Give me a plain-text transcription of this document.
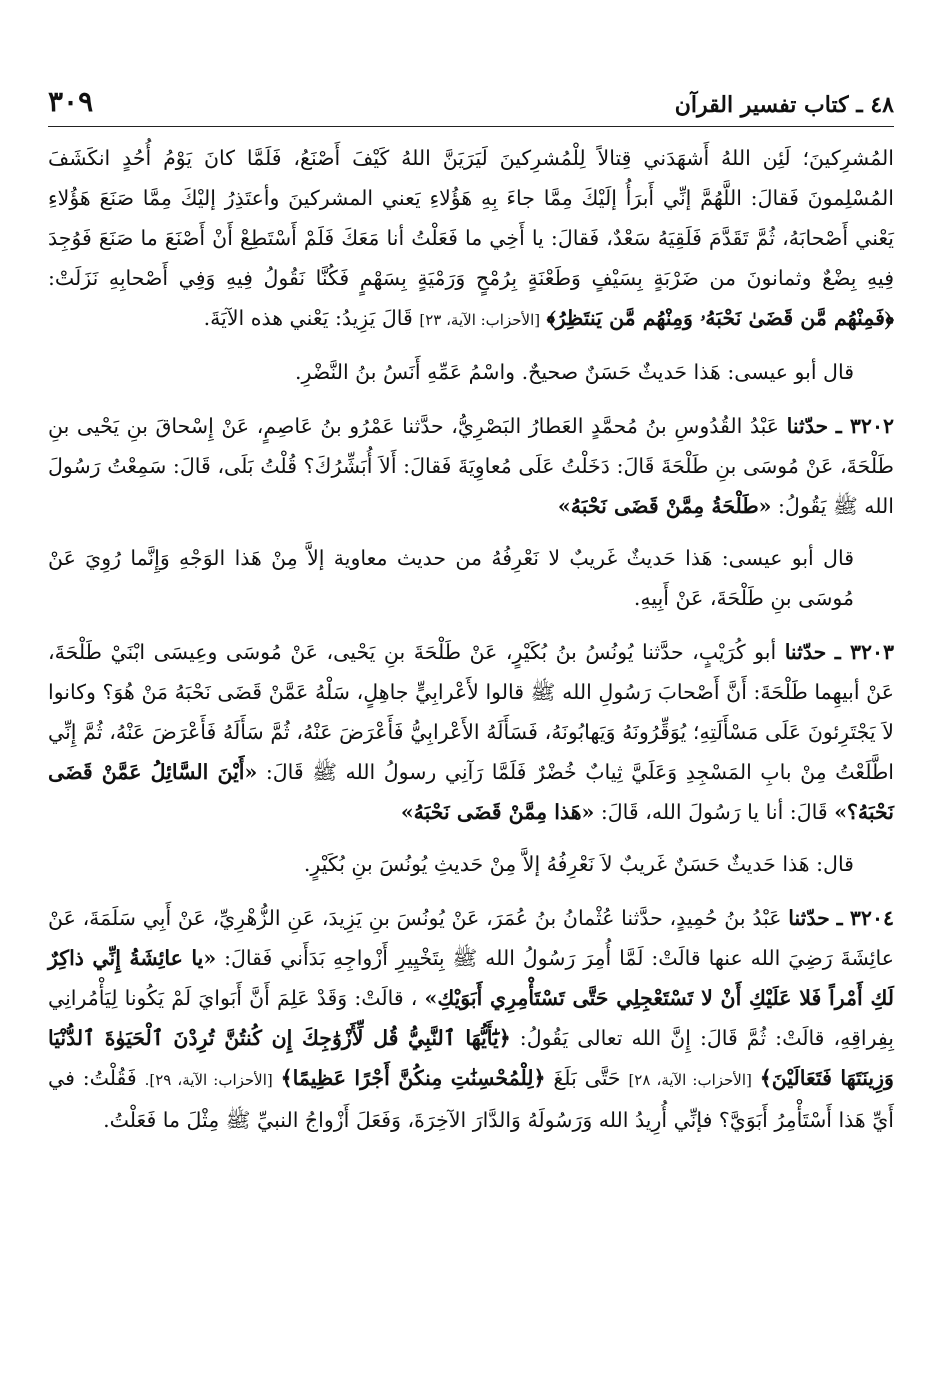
٤٨ ـ كتاب تفسير القرآن
٣٠٩

المُشرِكينَ؛ لَئِن اللهُ أَشهَدَني قِتالاً لِلْمُشرِكينَ لَيَرَيَنَّ اللهُ كَيْفَ أَصْنَعُ، فَلَمَّا كانَ يَوْمُ أُحُدٍ انكَشَفَ المُسْلِمونَ فَقالَ: اللَّهُمَّ إنِّي أَبرَأُ إلَيْكَ مِمَّا جاءَ بِهِ هَؤُلاءِ يَعني المشركينَ وأعتَذِرُ إليْكَ مِمَّا صَنَعَ هَؤُلاءِ يَعْني أَصْحابَهُ، ثُمَّ تَقَدَّمَ فَلَقِيَهُ سَعْدٌ، فَقالَ: يا أَخِي ما فَعَلْتُ أنا مَعَكَ فَلَمْ أَسْتَطِعْ أَنْ أَصْنَعَ ما صَنَعَ فَوُجِدَ فِيهِ بِضْعٌ وثمانونَ من ضَرْبَةٍ بِسَيْفٍ وَطَعْنَةٍ بِرُمْحٍ وَرَمْيَةٍ بِسَهْمٍ فَكُنَّا نَقُولُ فِيهِ وَفِي أَصْحابِهِ نَزَلَتْ: ﴿فَمِنْهُم مَّن قَضَىٰ نَحْبَهُۥ وَمِنْهُم مَّن يَنتَظِرُ﴾ [الأحزاب: الآية، ٢٣] قَالَ يَزِيدُ: يَعْني هذه الآيَةَ.

قال أبو عيسى: هَذا حَديثٌ حَسَنٌ صحيحٌ. واسْمُ عَمِّهِ أَنَسُ بنُ النَّضْرِ.

٣٢٠٢ ـ حدّثنا عَبْدُ القُدُوسِ بنُ مُحمَّدٍ العَطارُ البَصْرِيُّ، حدَّثنا عَمْرُو بنُ عَاصِمٍ، عَنْ إِسْحاقَ بنِ يَحْيى بنِ طَلْحَةَ، عَنْ مُوسَى بنِ طَلْحَةَ قَالَ: دَخَلْتُ عَلَى مُعاوِيَةَ فَقالَ: أَلاَ أُبَشِّرُكَ؟ قُلْتُ بَلَى، قَالَ: سَمِعْتُ رَسُولَ الله ﷺ يَقُولُ: «طَلْحَةُ مِمَّنْ قَضَى نَحْبَهُ»

قال أبو عيسى: هَذا حَديثٌ غَريبٌ لا نَعْرِفُهُ من حديث معاوية إلاَّ مِنْ هَذا الوَجْهِ وَإِنَّما رُوِيَ عَنْ مُوسَى بنِ طَلْحَةَ، عَنْ أَبِيهِ.

٣٢٠٣ ـ حدّثنا أبو كُرَيْبٍ، حدَّثنا يُونُسُ بنُ بُكَيْرٍ، عَنْ طَلْحَةَ بنِ يَحْيى، عَنْ مُوسَى وعِيسَى ابْنَيْ طَلْحَةَ، عَنْ أبيهِما طَلْحَةَ: أَنَّ أَصْحابَ رَسُولِ الله ﷺ قالوا لأَعْرابِيٍّ جاهِلٍ، سَلْهُ عَمَّنْ قَضَى نَحْبَهُ مَنْ هُوَ؟ وكانوا لاَ يَجْتَرِئونَ عَلَى مَسْأَلَتِهِ؛ يُوَقِّرُونَهُ وَيَهابُونَهُ، فَسَأَلَهُ الأَعْرابِيُّ فَأَعْرَضَ عَنْهُ، ثُمَّ سَأَلَهُ فَأَعْرَضَ عَنْهُ، ثُمَّ إِنِّي اطَّلَعْتُ مِنْ بابِ المَسْجِدِ وَعَلَيَّ ثِيابٌ خُضْرٌ فَلَمَّا رَآنِي رسولُ الله ﷺ قَالَ: «أَيْنَ السَّائِلُ عَمَّنْ قَضَى نَحْبَهُ؟» قَالَ: أنا يا رَسُولَ الله، قَالَ: «هَذا مِمَّنْ قَضَى نَحْبَهُ»

قال: هَذا حَديثٌ حَسَنٌ غَريبٌ لاَ نَعْرِفُهُ إلاَّ مِنْ حَديثِ يُونُسَ بنِ بُكَيْرٍ.

٣٢٠٤ ـ حدّثنا عَبْدُ بنُ حُمِيدٍ، حدَّثنا عُثْمانُ بنُ عُمَرَ، عَنْ يُونُسَ بنِ يَزِيدَ، عَنِ الزُّهْرِيِّ، عَنْ أَبِي سَلَمَةَ، عَنْ عائِشَةَ رَضِيَ الله عنها قالَتْ: لَمَّا أُمِرَ رَسُولُ الله ﷺ بِتَخْيِيرِ أَزْواجِهِ بَدَأَني فَقالَ: «يا عائِشَةُ إِنِّي ذاكِرٌ لَكِ أَمْراً فَلا عَلَيْكِ أَنْ لا تَسْتَعْجِلِي حَتَّى تَسْتَأْمِرِي أَبَوَيْكِ» ، قالَتْ: وَقَدْ عَلِمَ أَنَّ أَبَوايَ لَمْ يَكُونا لِيَأْمُرانِي بِفِراقِهِ، قالَتْ: ثُمَّ قَالَ: إِنَّ الله تعالى يَقُولُ: ﴿يَٰٓأَيُّهَا ٱلنَّبِيُّ قُل لِّأَزْوَٰجِكَ إِن كُنتُنَّ تُرِدْنَ ٱلْحَيَوٰةَ ٱلدُّنْيَا وَزِينَتَهَا فَتَعَالَيْنَ﴾ [الأحزاب: الآية، ٢٨] حَتَّى بَلَغَ ﴿لِلْمُحْسِنَٰتِ مِنكُنَّ أَجْرًا عَظِيمًا﴾ [الأحزاب: الآية، ٢٩]. فَقُلْتُ: في أَيِّ هَذا أَسْتَأْمِرُ أَبَوَيَّ؟ فإنِّي أُرِيدُ الله وَرَسُولَهُ وَالدَّارَ الآخِرَةَ، وَفَعَلَ أَزْواجُ النبيِّ ﷺ مِثْلَ ما فَعَلْتُ.
